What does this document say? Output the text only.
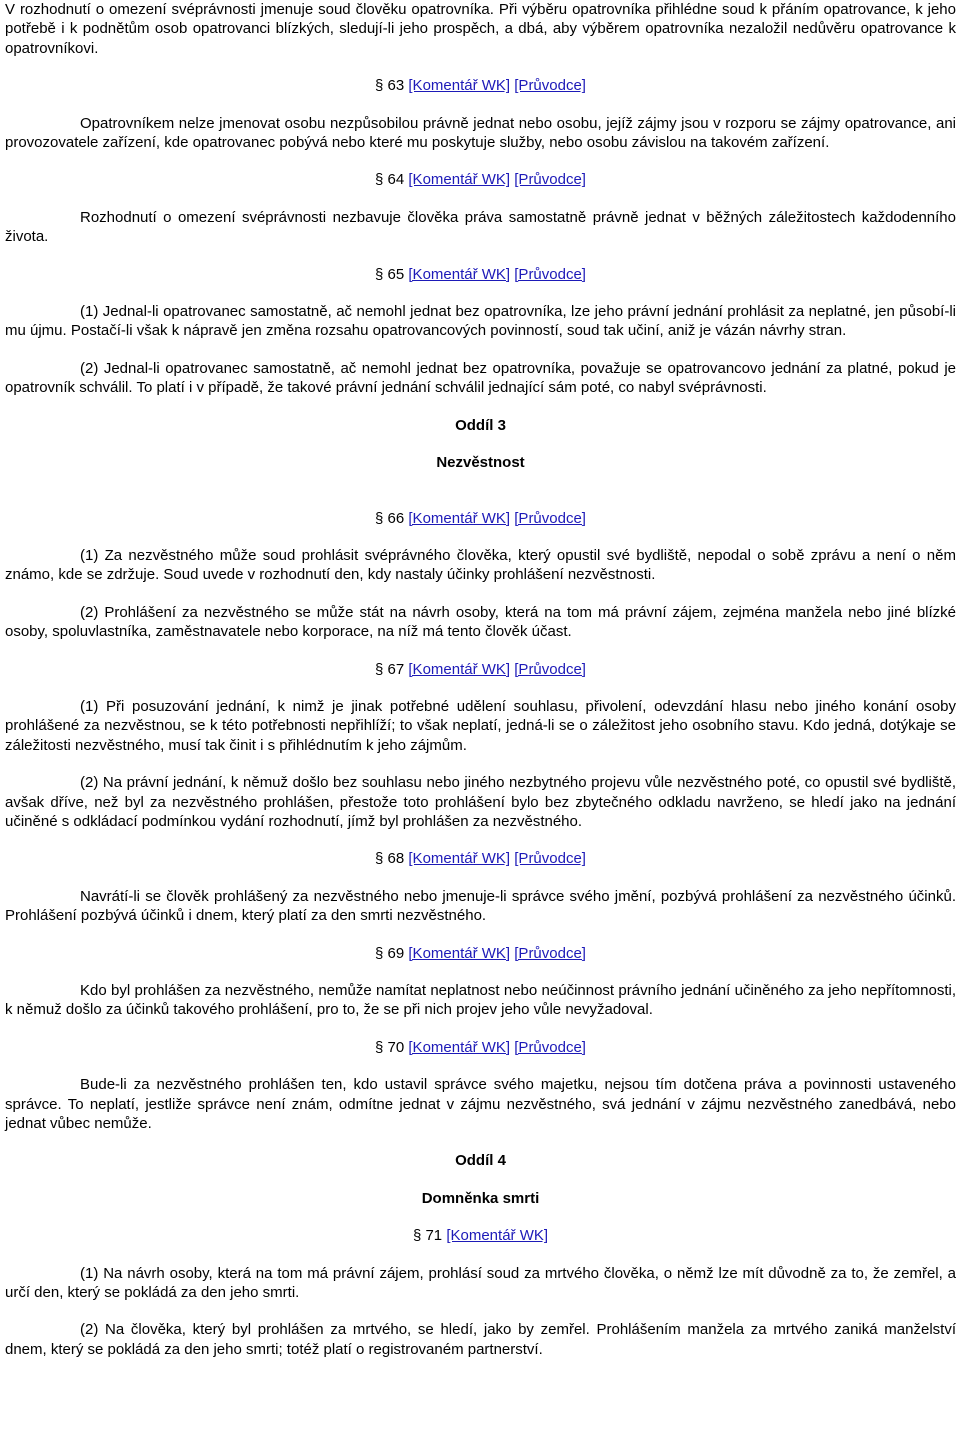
V rozhodnutí o omezení svéprávnosti jmenuje soud člověku opatrovníka. Při výběru opatrovníka přihlédne soud k přáním opatrovance, k jeho potřebě i k podnětům osob opatrovanci blízkých, sledují-li jeho prospěch, a dbá, aby výběrem opatrovníka nezaložil nedůvěru opatrovance k opatrovníkovi.

§ 63 [Komentář WK] [Průvodce]

Opatrovníkem nelze jmenovat osobu nezpůsobilou právně jednat nebo osobu, jejíž zájmy jsou v rozporu se zájmy opatrovance, ani provozovatele zařízení, kde opatrovanec pobývá nebo které mu poskytuje služby, nebo osobu závislou na takovém zařízení.

§ 64 [Komentář WK] [Průvodce]

Rozhodnutí o omezení svéprávnosti nezbavuje člověka práva samostatně právně jednat v běžných záležitostech každodenního života.

§ 65 [Komentář WK] [Průvodce]

(1) Jednal-li opatrovanec samostatně, ač nemohl jednat bez opatrovníka, lze jeho právní jednání prohlásit za neplatné, jen působí-li mu újmu. Postačí-li však k nápravě jen změna rozsahu opatrovancových povinností, soud tak učiní, aniž je vázán návrhy stran.

(2) Jednal-li opatrovanec samostatně, ač nemohl jednat bez opatrovníka, považuje se opatrovancovo jednání za platné, pokud je opatrovník schválil. To platí i v případě, že takové právní jednání schválil jednající sám poté, co nabyl svéprávnosti.

Oddíl 3

Nezvěstnost

§ 66 [Komentář WK] [Průvodce]

(1) Za nezvěstného může soud prohlásit svéprávného člověka, který opustil své bydliště, nepodal o sobě zprávu a není o něm známo, kde se zdržuje. Soud uvede v rozhodnutí den, kdy nastaly účinky prohlášení nezvěstnosti.

(2) Prohlášení za nezvěstného se může stát na návrh osoby, která na tom má právní zájem, zejména manžela nebo jiné blízké osoby, spoluvlastníka, zaměstnavatele nebo korporace, na níž má tento člověk účast.

§ 67 [Komentář WK] [Průvodce]

(1) Při posuzování jednání, k nimž je jinak potřebné udělení souhlasu, přivolení, odevzdání hlasu nebo jiného konání osoby prohlášené za nezvěstnou, se k této potřebnosti nepřihlíží; to však neplatí, jedná-li se o záležitost jeho osobního stavu. Kdo jedná, dotýkaje se záležitosti nezvěstného, musí tak činit i s přihlédnutím k jeho zájmům.

(2) Na právní jednání, k němuž došlo bez souhlasu nebo jiného nezbytného projevu vůle nezvěstného poté, co opustil své bydliště, avšak dříve, než byl za nezvěstného prohlášen, přestože toto prohlášení bylo bez zbytečného odkladu navrženo, se hledí jako na jednání učiněné s odkládací podmínkou vydání rozhodnutí, jímž byl prohlášen za nezvěstného.

§ 68 [Komentář WK] [Průvodce]

Navrátí-li se člověk prohlášený za nezvěstného nebo jmenuje-li správce svého jmění, pozbývá prohlášení za nezvěstného účinků. Prohlášení pozbývá účinků i dnem, který platí za den smrti nezvěstného.

§ 69 [Komentář WK] [Průvodce]

Kdo byl prohlášen za nezvěstného, nemůže namítat neplatnost nebo neúčinnost právního jednání učiněného za jeho nepřítomnosti, k němuž došlo za účinků takového prohlášení, pro to, že se při nich projev jeho vůle nevyžadoval.

§ 70 [Komentář WK] [Průvodce]

Bude-li za nezvěstného prohlášen ten, kdo ustavil správce svého majetku, nejsou tím dotčena práva a povinnosti ustaveného správce. To neplatí, jestliže správce není znám, odmítne jednat v zájmu nezvěstného, svá jednání v zájmu nezvěstného zanedbává, nebo jednat vůbec nemůže.

Oddíl 4

Domněnka smrti

§ 71 [Komentář WK]

(1) Na návrh osoby, která na tom má právní zájem, prohlásí soud za mrtvého člověka, o němž lze mít důvodně za to, že zemřel, a určí den, který se pokládá za den jeho smrti.

(2) Na člověka, který byl prohlášen za mrtvého, se hledí, jako by zemřel. Prohlášením manžela za mrtvého zaniká manželství dnem, který se pokládá za den jeho smrti; totéž platí o registrovaném partnerství.
